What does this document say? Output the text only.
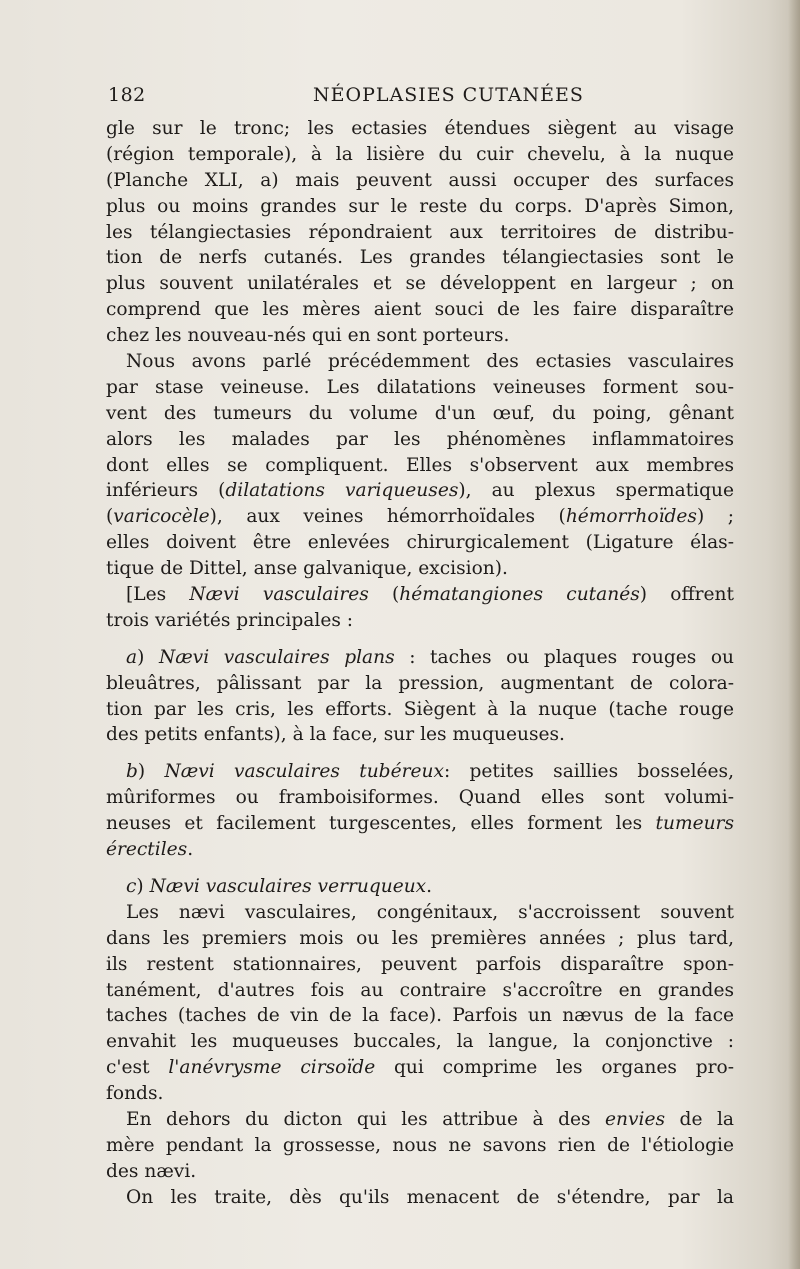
182	NÉOPLASIES CUTANÉES
gle sur le tronc; les ectasies étendues siègent au visage
(région temporale), à la lisière du cuir chevelu, à la nuque
(Planche XLI, a) mais peuvent aussi occuper des surfaces
plus ou moins grandes sur le reste du corps. D'après Simon,
les télangiectasies répondraient aux territoires de distribu-
tion de nerfs cutanés. Les grandes télangiectasies sont le
plus souvent unilatérales et se développent en largeur ; on
comprend que les mères aient souci de les faire disparaître
chez les nouveau-nés qui en sont porteurs.
Nous avons parlé précédemment des ectasies vasculaires
par stase veineuse. Les dilatations veineuses forment sou-
vent des tumeurs du volume d'un œuf, du poing, gênant
alors les malades par les phénomènes inflammatoires
dont elles se compliquent. Elles s'observent aux membres
inférieurs (dilatations variqueuses), au plexus spermatique
(varicocèle), aux veines hémorrhoïdales (hémorrhoïdes) ;
elles doivent être enlevées chirurgicalement (Ligature élas-
tique de Dittel, anse galvanique, excision).
[Les Nævi vasculaires (hématangiones cutanés) offrent
trois variétés principales :
a) Nævi vasculaires plans : taches ou plaques rouges ou
bleuâtres, pâlissant par la pression, augmentant de colora-
tion par les cris, les efforts. Siègent à la nuque (tache rouge
des petits enfants), à la face, sur les muqueuses.
b) Nævi vasculaires tubéreux: petites saillies bosselées,
mûriformes ou framboisiformes. Quand elles sont volumi-
neuses et facilement turgescentes, elles forment les tumeurs
érectiles.
c) Nævi vasculaires verruqueux.
Les nævi vasculaires, congénitaux, s'accroissent souvent
dans les premiers mois ou les premières années ; plus tard,
ils restent stationnaires, peuvent parfois disparaître spon-
tanément, d'autres fois au contraire s'accroître en grandes
taches (taches de vin de la face). Parfois un nævus de la face
envahit les muqueuses buccales, la langue, la conjonctive :
c'est l'anévrysme cirsoïde qui comprime les organes pro-
fonds.
En dehors du dicton qui les attribue à des envies de la
mère pendant la grossesse, nous ne savons rien de l'étiologie
des nævi.
On les traite, dès qu'ils menacent de s'étendre, par la
